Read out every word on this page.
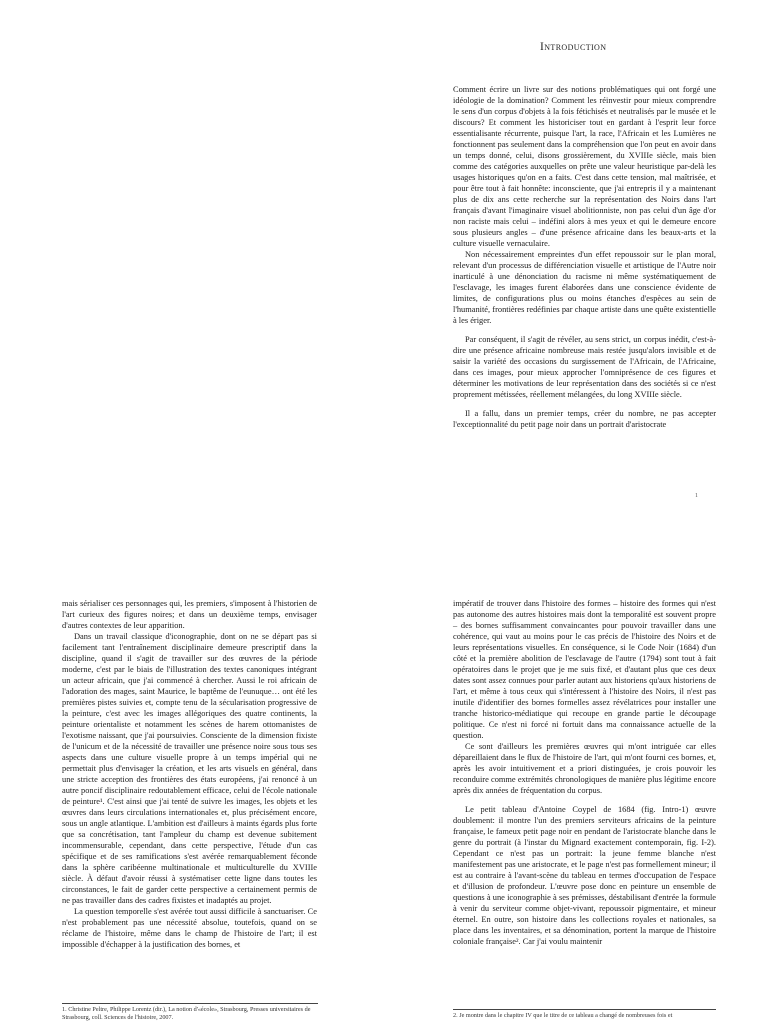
Introduction

Comment écrire un livre sur des notions problématiques qui ont forgé une idéologie de la domination? Comment les réinvestir pour mieux comprendre le sens d'un corpus d'objets à la fois fétichisés et neutralisés par le musée et le discours? Et comment les historiciser tout en gardant à l'esprit leur force essentialisante récurrente, puisque l'art, la race, l'Africain et les Lumières ne fonctionnent pas seulement dans la compréhension que l'on peut en avoir dans un temps donné, celui, disons grossièrement, du XVIIIe siècle, mais bien comme des catégories auxquelles on prête une valeur heuristique par-delà les usages historiques qu'on en a faits. C'est dans cette tension, mal maîtrisée, et pour être tout à fait honnête: inconsciente, que j'ai entrepris il y a maintenant plus de dix ans cette recherche sur la représentation des Noirs dans l'art français d'avant l'imaginaire visuel abolitionniste, non pas celui d'un âge d'or non raciste mais celui – indéfini alors à mes yeux et qui le demeure encore sous plusieurs angles – d'une présence africaine dans les beaux-arts et la culture visuelle vernaculaire.

Non nécessairement empreintes d'un effet repoussoir sur le plan moral, relevant d'un processus de différenciation visuelle et artistique de l'Autre noir inarticulé à une dénonciation du racisme ni même systématiquement de l'esclavage, les images furent élaborées dans une conscience évidente de limites, de configurations plus ou moins étanches d'espèces au sein de l'humanité, frontières redéfinies par chaque artiste dans une quête existentielle à les ériger.

Par conséquent, il s'agit de révéler, au sens strict, un corpus inédit, c'est-à-dire une présence africaine nombreuse mais restée jusqu'alors invisible et de saisir la variété des occasions du surgissement de l'Africain, de l'Africaine, dans ces images, pour mieux approcher l'omniprésence de ces figures et déterminer les motivations de leur représentation dans des sociétés si ce n'est proprement métissées, réellement mélangées, du long XVIIIe siècle.

Il a fallu, dans un premier temps, créer du nombre, ne pas accepter l'exceptionnalité du petit page noir dans un portrait d'aristocrate

1

mais sérialiser ces personnages qui, les premiers, s'imposent à l'historien de l'art curieux des figures noires; et dans un deuxième temps, envisager d'autres contextes de leur apparition.

Dans un travail classique d'iconographie, dont on ne se départ pas si facilement tant l'entraînement disciplinaire demeure prescriptif dans la discipline, quand il s'agit de travailler sur des œuvres de la période moderne, c'est par le biais de l'illustration des textes canoniques intégrant un acteur africain, que j'ai commencé à chercher. Aussi le roi africain de l'adoration des mages, saint Maurice, le baptême de l'eunuque… ont été les premières pistes suivies et, compte tenu de la sécularisation progressive de la peinture, c'est avec les images allégoriques des quatre continents, la peinture orientaliste et notamment les scènes de harem ottomanistes de l'exotisme naissant, que j'ai poursuivies. Consciente de la dimension fixiste de l'unicum et de la nécessité de travailler une présence noire sous tous ses aspects dans une culture visuelle propre à un temps impérial qui ne permettait plus d'envisager la création, et les arts visuels en général, dans une stricte acception des frontières des états européens, j'ai renoncé à un autre poncif disciplinaire redoutablement efficace, celui de l'école nationale de peinture¹. C'est ainsi que j'ai tenté de suivre les images, les objets et les œuvres dans leurs circulations internationales et, plus précisément encore, sous un angle atlantique. L'ambition est d'ailleurs à maints égards plus forte que sa concrétisation, tant l'ampleur du champ est devenue subitement incommensurable, cependant, dans cette perspective, l'étude d'un cas spécifique et de ses ramifications s'est avérée remarquablement féconde dans la sphère caribéenne multinationale et multiculturelle du XVIIIe siècle. À défaut d'avoir réussi à systématiser cette ligne dans toutes les circonstances, le fait de garder cette perspective a certainement permis de ne pas travailler dans des cadres fixistes et inadaptés au projet.

La question temporelle s'est avérée tout aussi difficile à sanctuariser. Ce n'est probablement pas une nécessité absolue, toutefois, quand on se réclame de l'histoire, même dans le champ de l'histoire de l'art; il est impossible d'échapper à la justification des bornes, et

impératif de trouver dans l'histoire des formes – histoire des formes qui n'est pas autonome des autres histoires mais dont la temporalité est souvent propre – des bornes suffisamment convaincantes pour pouvoir travailler dans une cohérence, qui vaut au moins pour le cas précis de l'histoire des Noirs et de leurs représentations visuelles. En conséquence, si le Code Noir (1684) d'un côté et la première abolition de l'esclavage de l'autre (1794) sont tout à fait opératoires dans le projet que je me suis fixé, et d'autant plus que ces deux dates sont assez connues pour parler autant aux historiens qu'aux historiens de l'art, et même à tous ceux qui s'intéressent à l'histoire des Noirs, il n'est pas inutile d'identifier des bornes formelles assez révélatrices pour installer une tranche historico-médiatique qui recoupe en grande partie le découpage politique. Ce n'est ni forcé ni fortuit dans ma connaissance actuelle de la question.

Ce sont d'ailleurs les premières œuvres qui m'ont intriguée car elles dépareillaient dans le flux de l'histoire de l'art, qui m'ont fourni ces bornes, et, après les avoir intuitivement et a priori distinguées, je crois pouvoir les reconduire comme extrémités chronologiques de manière plus légitime encore après dix années de fréquentation du corpus.

Le petit tableau d'Antoine Coypel de 1684 (fig. Intro-1) œuvre doublement: il montre l'un des premiers serviteurs africains de la peinture française, le fameux petit page noir en pendant de l'aristocrate blanche dans le genre du portrait (à l'instar du Mignard exactement contemporain, fig. I-2). Cependant ce n'est pas un portrait: la jeune femme blanche n'est manifestement pas une aristocrate, et le page n'est pas formellement mineur; il est au contraire à l'avant-scène du tableau en termes d'occupation de l'espace et d'illusion de profondeur. L'œuvre pose donc en peinture un ensemble de questions à une iconographie à ses prémisses, déstabilisant d'entrée la formule à venir du serviteur comme objet-vivant, repoussoir pigmentaire, et mineur éternel. En outre, son histoire dans les collections royales et nationales, sa place dans les inventaires, et sa dénomination, portent la marque de l'histoire coloniale française². Car j'ai voulu maintenir

1. Christine Peltre, Philippe Lorentz (dir.), La notion d'«école», Strasbourg, Presses universitaires de Strasbourg, coll. Sciences de l'histoire, 2007.	2. Je montre dans le chapitre IV que le titre de ce tableau a changé de nombreuses fois et
